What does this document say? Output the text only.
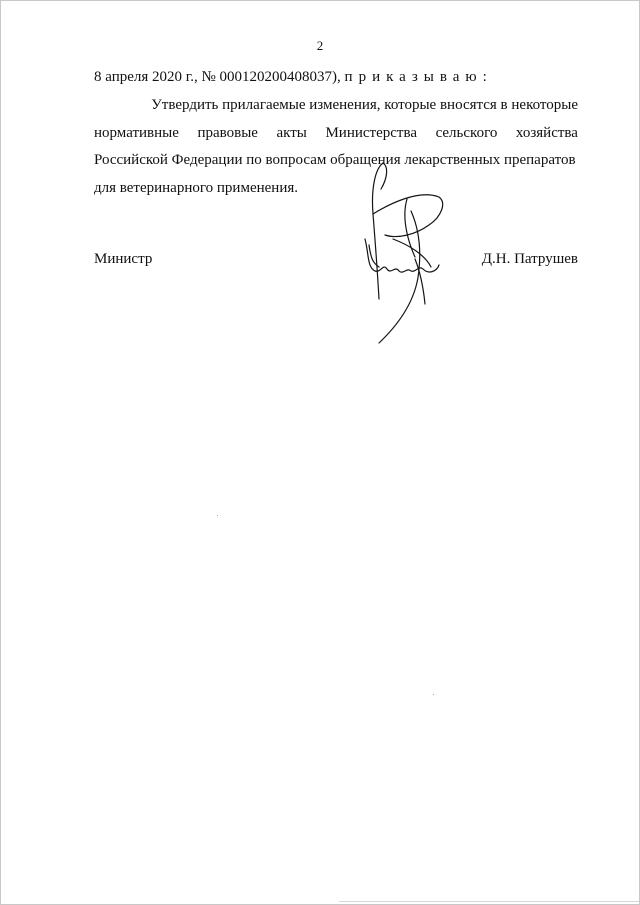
2
8 апреля 2020 г., № 000120200408037), приказываю:
Утвердить прилагаемые изменения, которые вносятся в некоторые
нормативные правовые акты Министерства сельского хозяйства
Российской Федерации по вопросам обращения лекарственных препаратов
для ветеринарного применения.
Министр	Д.Н. Патрушев
